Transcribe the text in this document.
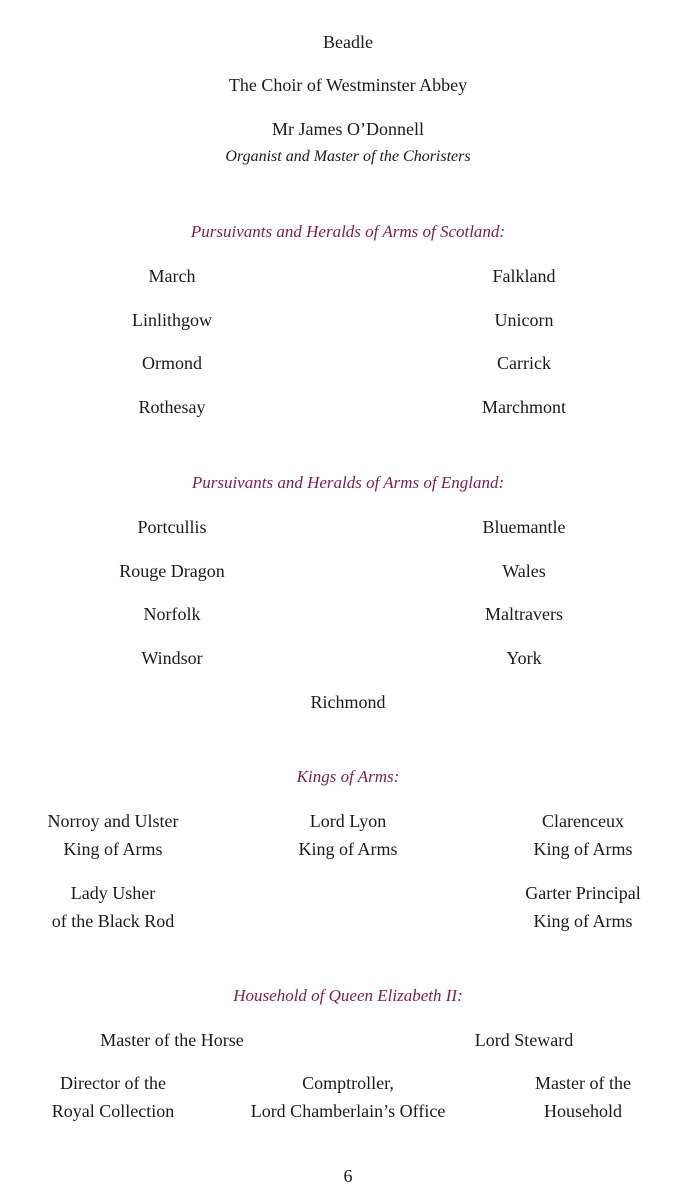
Beadle
The Choir of Westminster Abbey
Mr James O’Donnell
Organist and Master of the Choristers
Pursuivants and Heralds of Arms of Scotland:
March
Linlithgow
Ormond
Rothesay
Falkland
Unicorn
Carrick
Marchmont
Pursuivants and Heralds of Arms of England:
Portcullis
Rouge Dragon
Norfolk
Windsor
Bluemantle
Wales
Maltravers
York
Richmond
Kings of Arms:
Norroy and Ulster
King of Arms
Lord Lyon
King of Arms
Clarenceux
King of Arms
Lady Usher
of the Black Rod
Garter Principal
King of Arms
Household of Queen Elizabeth II:
Master of the Horse	Lord Steward
Director of the
Royal Collection
Comptroller,
Lord Chamberlain’s Office
Master of the
Household
6
